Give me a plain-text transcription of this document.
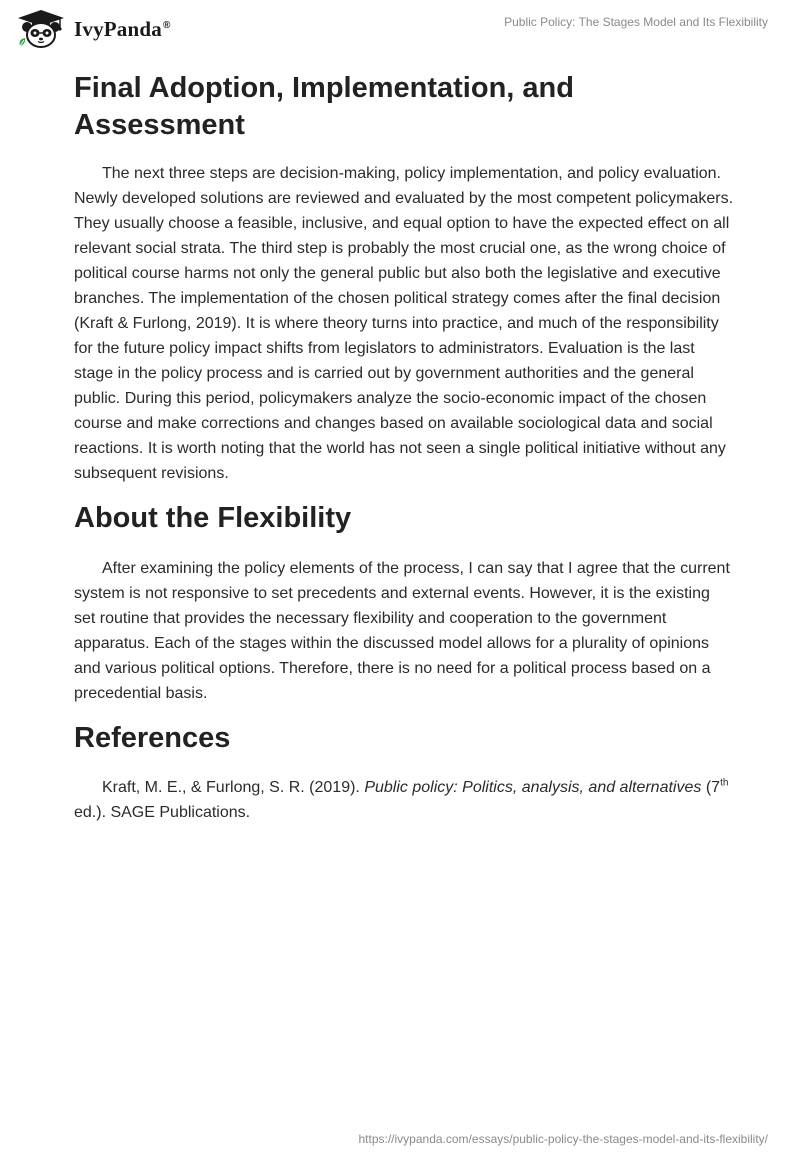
IvyPanda®	Public Policy: The Stages Model and Its Flexibility
Final Adoption, Implementation, and Assessment

The next three steps are decision-making, policy implementation, and policy evaluation. Newly developed solutions are reviewed and evaluated by the most competent policymakers. They usually choose a feasible, inclusive, and equal option to have the expected effect on all relevant social strata. The third step is probably the most crucial one, as the wrong choice of political course harms not only the general public but also both the legislative and executive branches. The implementation of the chosen political strategy comes after the final decision (Kraft & Furlong, 2019). It is where theory turns into practice, and much of the responsibility for the future policy impact shifts from legislators to administrators. Evaluation is the last stage in the policy process and is carried out by government authorities and the general public. During this period, policymakers analyze the socio-economic impact of the chosen course and make corrections and changes based on available sociological data and social reactions. It is worth noting that the world has not seen a single political initiative without any subsequent revisions.

About the Flexibility

After examining the policy elements of the process, I can say that I agree that the current system is not responsive to set precedents and external events. However, it is the existing set routine that provides the necessary flexibility and cooperation to the government apparatus. Each of the stages within the discussed model allows for a plurality of opinions and various political options. Therefore, there is no need for a political process based on a precedential basis.

References

Kraft, M. E., & Furlong, S. R. (2019). Public policy: Politics, analysis, and alternatives (7th ed.). SAGE Publications.

https://ivypanda.com/essays/public-policy-the-stages-model-and-its-flexibility/
